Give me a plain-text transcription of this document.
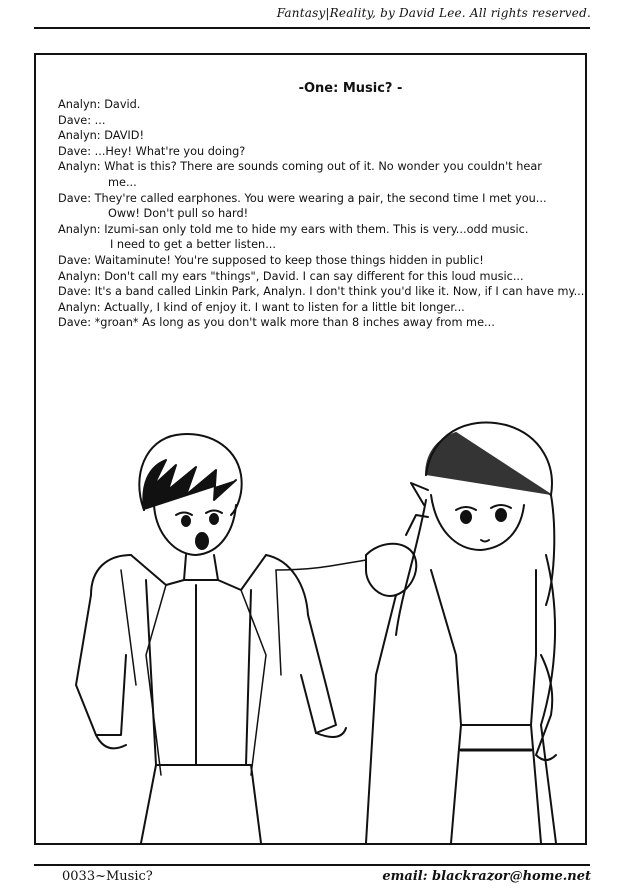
Fantasy|Reality, by David Lee. All rights reserved.
-One: Music? -
Analyn: David.
Dave: ...
Analyn: DAVID!
Dave: ...Hey! What're you doing?
Analyn: What is this? There are sounds coming out of it. No wonder you couldn't hear
me...
Dave: They're called earphones. You were wearing a pair, the second time I met you...
Oww! Don't pull so hard!
Analyn: Izumi-san only told me to hide my ears with them. This is very...odd music.
I need to get a better listen...
Dave: Waitaminute! You're supposed to keep those things hidden in public!
Analyn: Don't call my ears "things", David. I can say different for this loud music...
Dave: It's a band called Linkin Park, Analyn. I don't think you'd like it. Now, if I can have my...
Analyn: Actually, I kind of enjoy it. I want to listen for a little bit longer...
Dave: *groan* As long as you don't walk more than 8 inches away from me...
0033~Music?	email: blackrazor@home.net
